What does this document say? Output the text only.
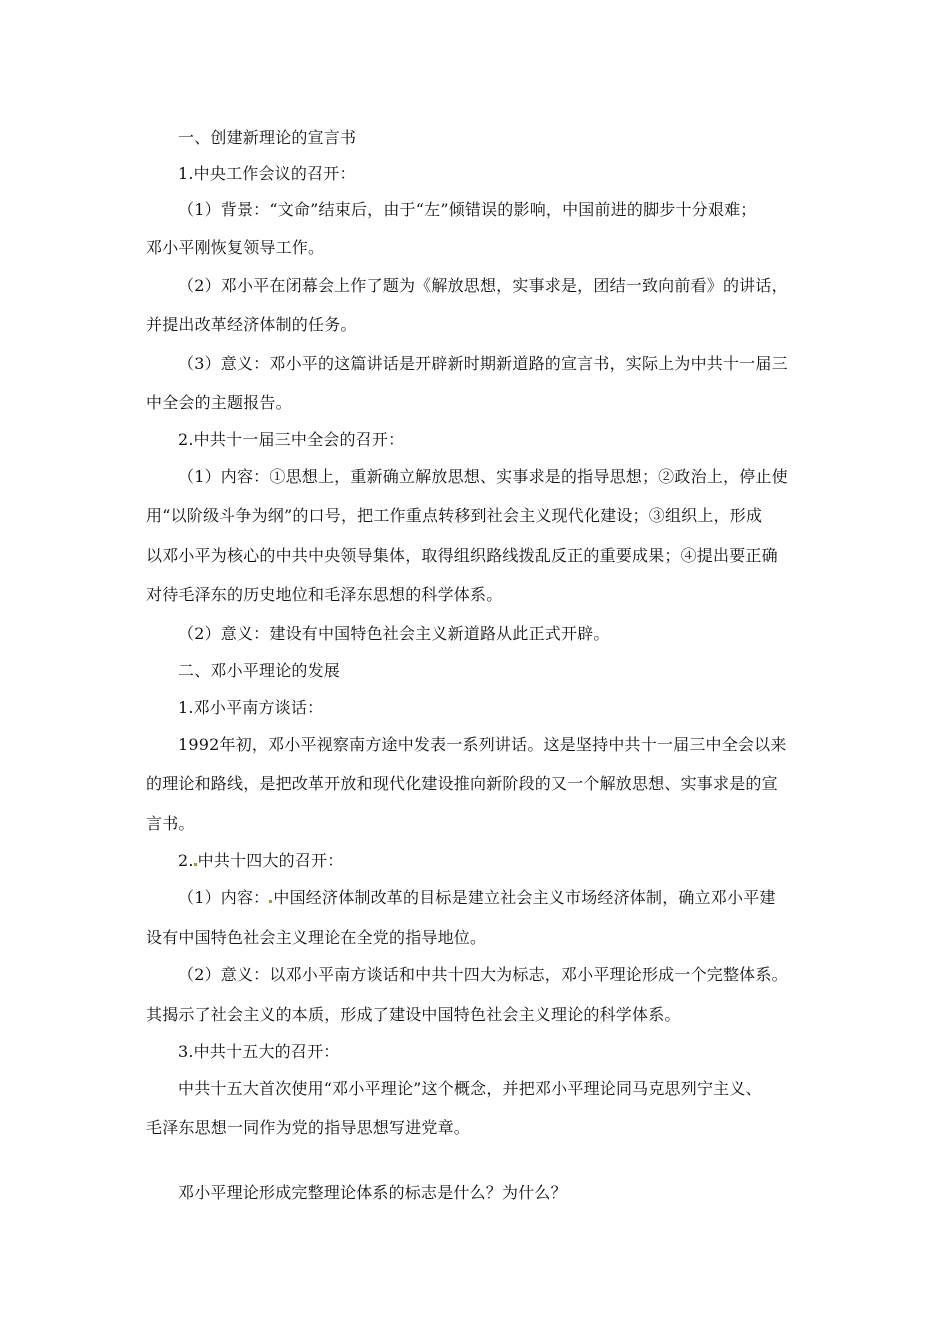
一、创建新理论的宣言书
1.中央工作会议的召开：
（1）背景：“文命”结束后，由于“左”倾错误的影响，中国前进的脚步十分艰难；
邓小平刚恢复领导工作。
（2）邓小平在闭幕会上作了题为《解放思想，实事求是，团结一致向前看》的讲话，
并提出改革经济体制的任务。
（3）意义：邓小平的这篇讲话是开辟新时期新道路的宣言书，实际上为中共十一届三
中全会的主题报告。
2.中共十一届三中全会的召开：
（1）内容：①思想上，重新确立解放思想、实事求是的指导思想；②政治上，停止使
用“以阶级斗争为纲”的口号，把工作重点转移到社会主义现代化建设；③组织上，形成
以邓小平为核心的中共中央领导集体，取得组织路线拨乱反正的重要成果；④提出要正确
对待毛泽东的历史地位和毛泽东思想的科学体系。
（2）意义：建设有中国特色社会主义新道路从此正式开辟。
二、邓小平理论的发展
1.邓小平南方谈话：
1992年初，邓小平视察南方途中发表一系列讲话。这是坚持中共十一届三中全会以来
的理论和路线，是把改革开放和现代化建设推向新阶段的又一个解放思想、实事求是的宣
言书。
2. 中共十四大的召开：
（1）内容： 中国经济体制改革的目标是建立社会主义市场经济体制，确立邓小平建
设有中国特色社会主义理论在全党的指导地位。
（2）意义：以邓小平南方谈话和中共十四大为标志，邓小平理论形成一个完整体系。
其揭示了社会主义的本质，形成了建设中国特色社会主义理论的科学体系。
3.中共十五大的召开：
中共十五大首次使用“邓小平理论”这个概念，并把邓小平理论同马克思列宁主义、
毛泽东思想一同作为党的指导思想写进党章。
邓小平理论形成完整理论体系的标志是什么？为什么？
